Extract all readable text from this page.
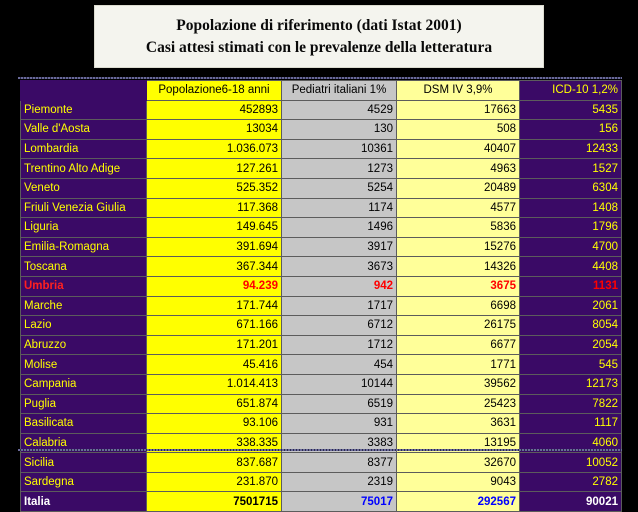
Popolazione di riferimento (dati Istat 2001)
Casi attesi stimati con le prevalenze della letteratura
	Popolazione6-18 anni	Pediatri italiani 1%	DSM IV 3,9%	ICD-10 1,2%
Piemonte	452893	4529	17663	5435
Valle d'Aosta	13034	130	508	156
Lombardia	1.036.073	10361	40407	12433
Trentino Alto Adige	127.261	1273	4963	1527
Veneto	525.352	5254	20489	6304
Friuli Venezia Giulia	117.368	1174	4577	1408
Liguria	149.645	1496	5836	1796
Emilia-Romagna	391.694	3917	15276	4700
Toscana	367.344	3673	14326	4408
Umbria	94.239	942	3675	1131
Marche	171.744	1717	6698	2061
Lazio	671.166	6712	26175	8054
Abruzzo	171.201	1712	6677	2054
Molise	45.416	454	1771	545
Campania	1.014.413	10144	39562	12173
Puglia	651.874	6519	25423	7822
Basilicata	93.106	931	3631	1117
Calabria	338.335	3383	13195	4060
Sicilia	837.687	8377	32670	10052
Sardegna	231.870	2319	9043	2782
Italia	7501715	75017	292567	90021
